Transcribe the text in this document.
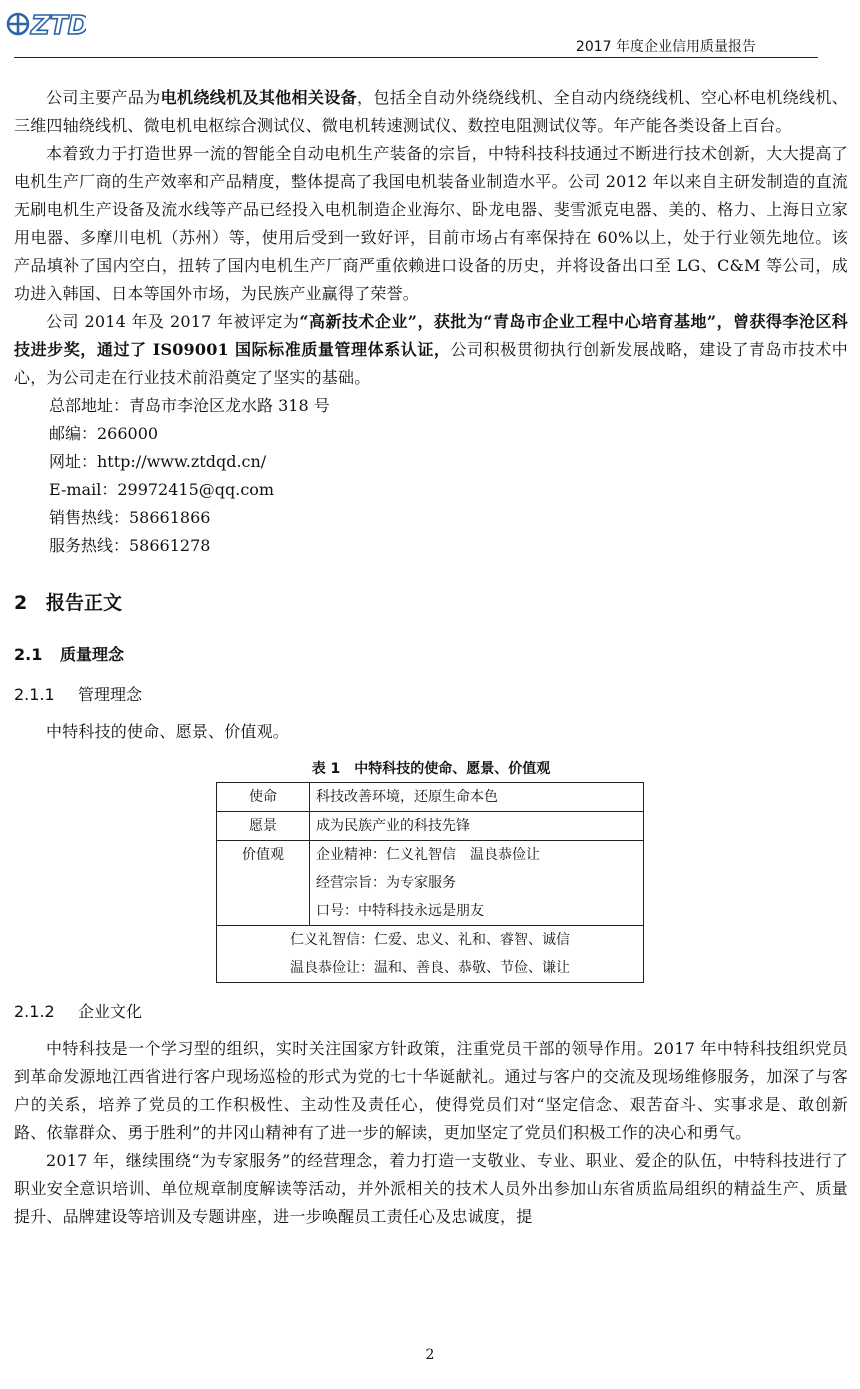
ZTD
2017 年度企业信用质量报告

公司主要产品为电机绕线机及其他相关设备，包括全自动外绕绕线机、全自动内绕绕线机、空心杯电机绕线机、三维四轴绕线机、微电机电枢综合测试仪、微电机转速测试仪、数控电阻测试仪等。年产能各类设备上百台。

本着致力于打造世界一流的智能全自动电机生产装备的宗旨，中特科技科技通过不断进行技术创新，大大提高了电机生产厂商的生产效率和产品精度，整体提高了我国电机装备业制造水平。公司 2012 年以来自主研发制造的直流无刷电机生产设备及流水线等产品已经投入电机制造企业海尔、卧龙电器、斐雪派克电器、美的、格力、上海日立家用电器、多摩川电机（苏州）等，使用后受到一致好评，目前市场占有率保持在 60%以上，处于行业领先地位。该产品填补了国内空白，扭转了国内电机生产厂商严重依赖进口设备的历史，并将设备出口至 LG、C&M 等公司，成功进入韩国、日本等国外市场，为民族产业赢得了荣誉。

公司 2014 年及 2017 年被评定为“高新技术企业”，获批为“青岛市企业工程中心培育基地”，曾获得李沧区科技进步奖，通过了 IS09001 国际标准质量管理体系认证，公司积极贯彻执行创新发展战略，建设了青岛市技术中心，为公司走在行业技术前沿奠定了坚实的基础。

总部地址：青岛市李沧区龙水路 318 号
邮编：266000
网址：http://www.ztdqd.cn/
E-mail：29972415@qq.com
销售热线：58661866
服务热线：58661278
2 报告正文
2.1 质量理念
2.1.1 管理理念

中特科技的使命、愿景、价值观。

表 1　中特科技的使命、愿景、价值观
使命	科技改善环境，还原生命本色
愿景	成为民族产业的科技先锋
价值观	企业精神：仁义礼智信　温良恭俭让
经营宗旨：为专家服务
口号：中特科技永远是朋友

仁义礼智信：仁爱、忠义、礼和、睿智、诚信
温良恭俭让：温和、善良、恭敬、节俭、谦让	
2.1.2 企业文化

中特科技是一个学习型的组织，实时关注国家方针政策，注重党员干部的领导作用。2017 年中特科技组织党员到革命发源地江西省进行客户现场巡检的形式为党的七十华诞献礼。通过与客户的交流及现场维修服务，加深了与客户的关系，培养了党员的工作积极性、主动性及责任心，使得党员们对“坚定信念、艰苦奋斗、实事求是、敢创新路、依靠群众、勇于胜利”的井冈山精神有了进一步的解读，更加坚定了党员们积极工作的决心和勇气。

2017 年，继续围绕“为专家服务”的经营理念，着力打造一支敬业、专业、职业、爱企的队伍，中特科技进行了职业安全意识培训、单位规章制度解读等活动，并外派相关的技术人员外出参加山东省质监局组织的精益生产、质量提升、品牌建设等培训及专题讲座，进一步唤醒员工责任心及忠诚度，提

2
